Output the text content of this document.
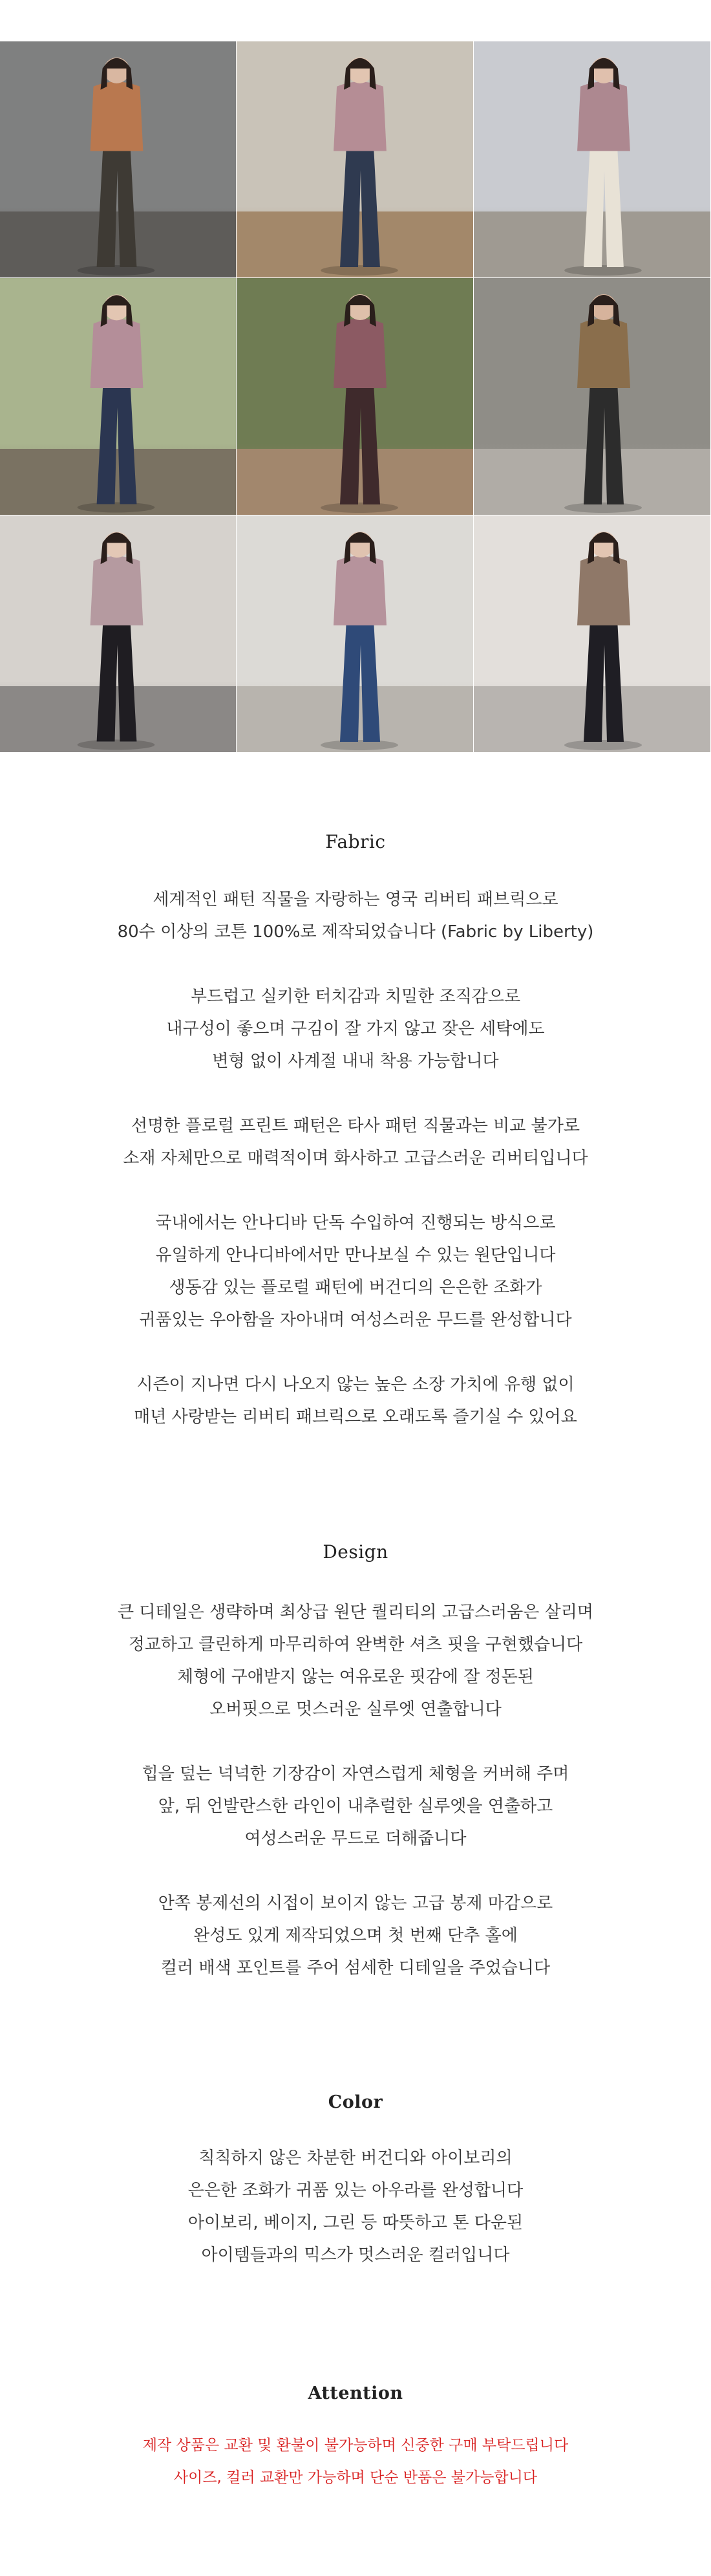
Fabric

세계적인 패턴 직물을 자랑하는 영국 리버티 패브릭으로

80수 이상의 코튼 100%로 제작되었습니다 (Fabric by Liberty)

부드럽고 실키한 터치감과 치밀한 조직감으로

내구성이 좋으며 구김이 잘 가지 않고 잦은 세탁에도

변형 없이 사계절 내내 착용 가능합니다

선명한 플로럴 프린트 패턴은 타사 패턴 직물과는 비교 불가로

소재 자체만으로 매력적이며 화사하고 고급스러운 리버티입니다

국내에서는 안나디바 단독 수입하여 진행되는 방식으로

유일하게 안나디바에서만 만나보실 수 있는 원단입니다

생동감 있는 플로럴 패턴에 버건디의 은은한 조화가

귀품있는 우아함을 자아내며 여성스러운 무드를 완성합니다

시즌이 지나면 다시 나오지 않는 높은 소장 가치에 유행 없이

매년 사랑받는 리버티 패브릭으로 오래도록 즐기실 수 있어요

Design

큰 디테일은 생략하며 최상급 원단 퀄리티의 고급스러움은 살리며

정교하고 클린하게 마무리하여 완벽한 셔츠 핏을 구현했습니다

체형에 구애받지 않는 여유로운 핏감에 잘 정돈된

오버핏으로 멋스러운 실루엣 연출합니다

힙을 덮는 넉넉한 기장감이 자연스럽게 체형을 커버해 주며

앞, 뒤 언발란스한 라인이 내추럴한 실루엣을 연출하고

여성스러운 무드로 더해줍니다

안쪽 봉제선의 시접이 보이지 않는 고급 봉제 마감으로

완성도 있게 제작되었으며 첫 번째 단추 홀에

컬러 배색 포인트를 주어 섬세한 디테일을 주었습니다

Color

칙칙하지 않은 차분한 버건디와 아이보리의

은은한 조화가 귀품 있는 아우라를 완성합니다

아이보리, 베이지, 그린 등 따뜻하고 톤 다운된

아이템들과의 믹스가 멋스러운 컬러입니다

Attention

제작 상품은 교환 및 환불이 불가능하며 신중한 구매 부탁드립니다

사이즈, 컬러 교환만 가능하며 단순 반품은 불가능합니다
